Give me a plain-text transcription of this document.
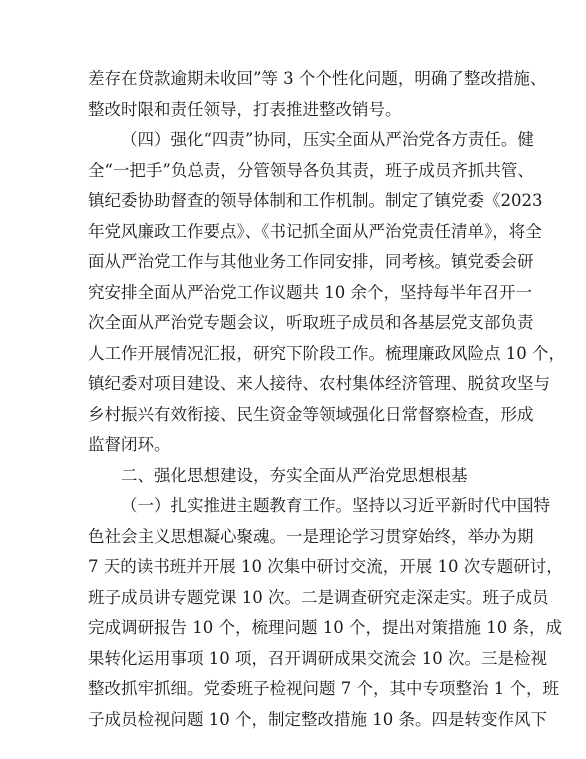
差存在贷款逾期未收回”等 3 个个性化问题，明确了整改措施、
整改时限和责任领导，打表推进整改销号。
（四）强化“四责”协同，压实全面从严治党各方责任。健
全“一把手”负总责，分管领导各负其责，班子成员齐抓共管、
镇纪委协助督查的领导体制和工作机制。制定了镇党委《2023
年党风廉政工作要点》、《书记抓全面从严治党责任清单》，将全
面从严治党工作与其他业务工作同安排，同考核。镇党委会研
究安排全面从严治党工作议题共 10 余个，坚持每半年召开一
次全面从严治党专题会议，听取班子成员和各基层党支部负责
人工作开展情况汇报，研究下阶段工作。梳理廉政风险点 10 个，
镇纪委对项目建设、来人接待、农村集体经济管理、脱贫攻坚与
乡村振兴有效衔接、民生资金等领域强化日常督察检查，形成
监督闭环。
二、强化思想建设，夯实全面从严治党思想根基
（一）扎实推进主题教育工作。坚持以习近平新时代中国特
色社会主义思想凝心聚魂。一是理论学习贯穿始终，举办为期
7 天的读书班并开展 10 次集中研讨交流，开展 10 次专题研讨，
班子成员讲专题党课 10 次。二是调查研究走深走实。班子成员
完成调研报告 10 个，梳理问题 10 个，提出对策措施 10 条，成
果转化运用事项 10 项，召开调研成果交流会 10 次。三是检视
整改抓牢抓细。党委班子检视问题 7 个，其中专项整治 1 个，班
子成员检视问题 10 个，制定整改措施 10 条。四是转变作风下
